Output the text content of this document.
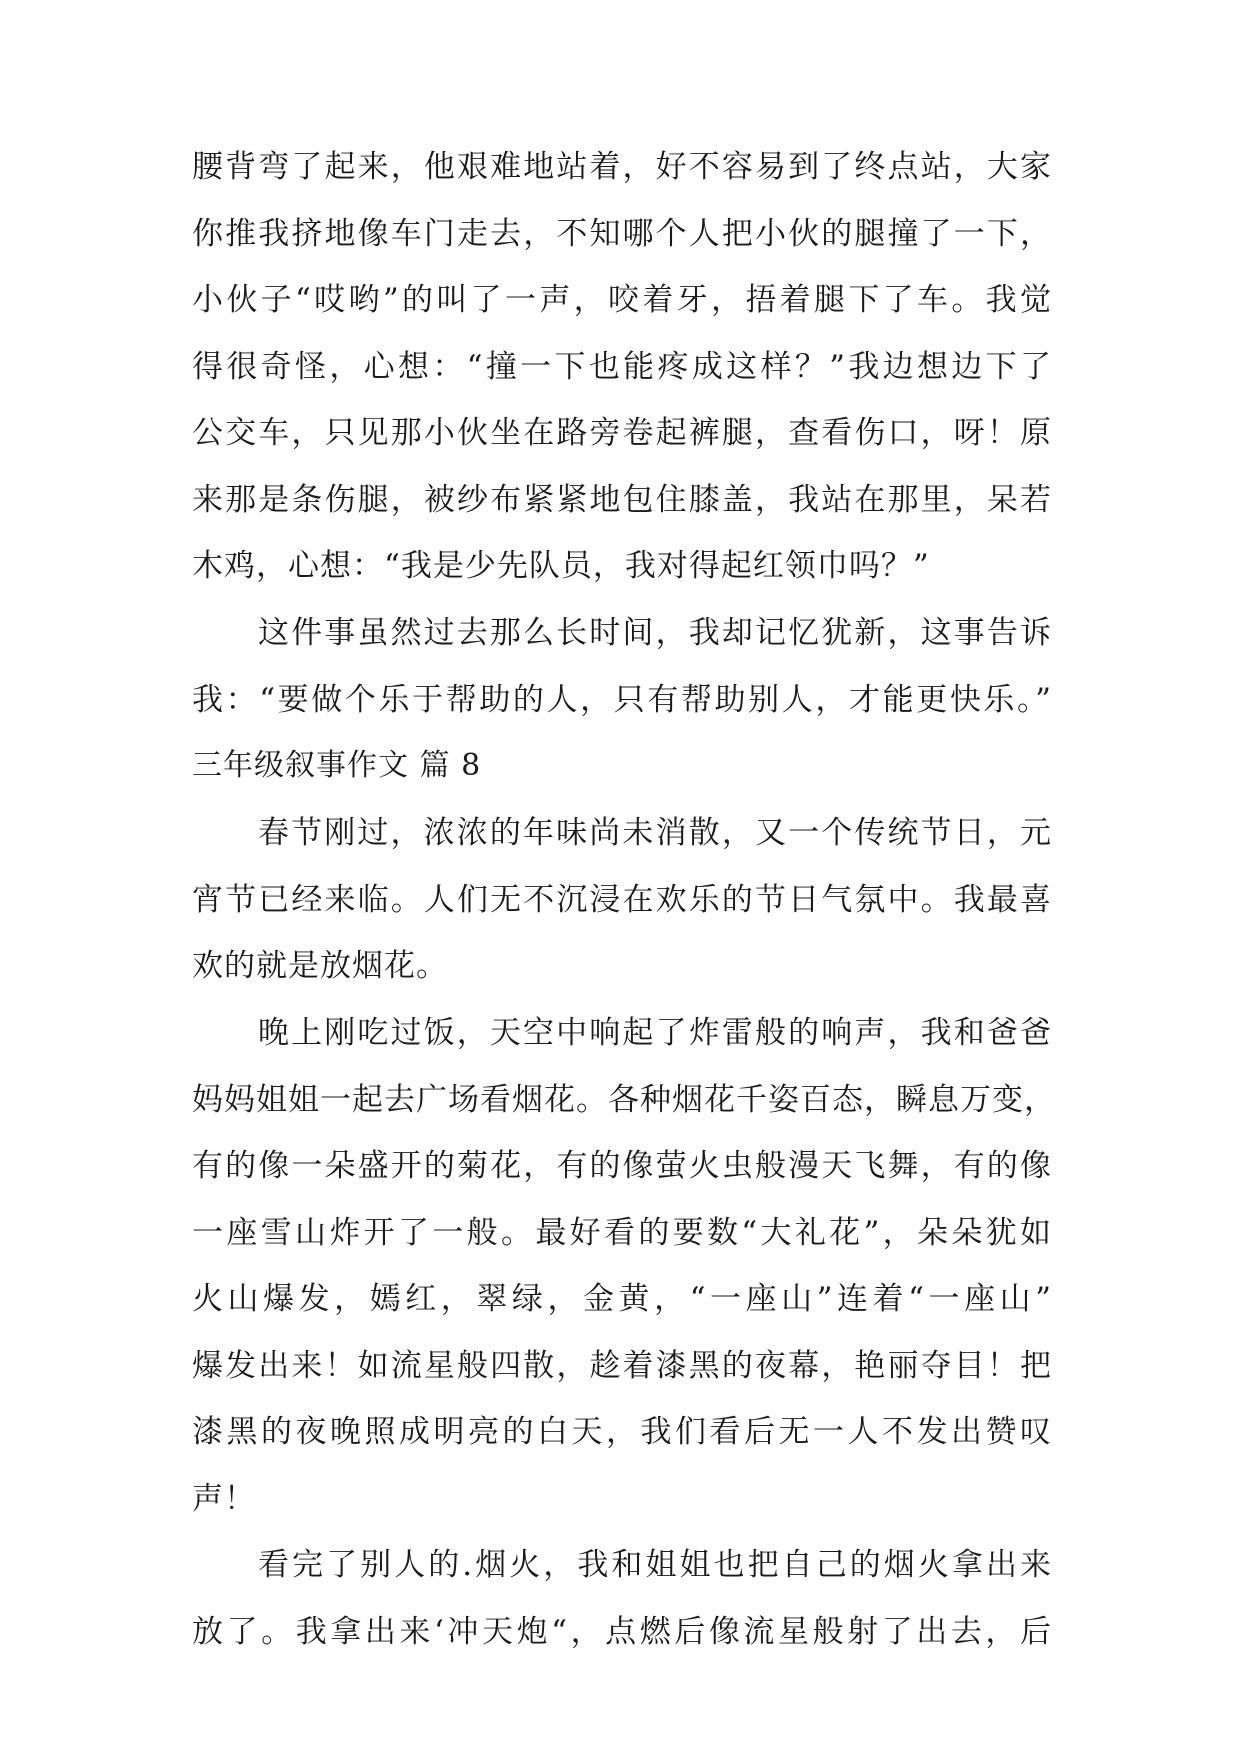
腰背弯了起来，他艰难地站着，好不容易到了终点站，大家
你推我挤地像车门走去，不知哪个人把小伙的腿撞了一下，
小伙子“哎哟”的叫了一声，咬着牙，捂着腿下了车。我觉
得很奇怪，心想：“撞一下也能疼成这样？”我边想边下了
公交车，只见那小伙坐在路旁卷起裤腿，查看伤口，呀！原
来那是条伤腿，被纱布紧紧地包住膝盖，我站在那里，呆若
木鸡，心想：“我是少先队员，我对得起红领巾吗？”
这件事虽然过去那么长时间，我却记忆犹新，这事告诉
我：“要做个乐于帮助的人，只有帮助别人，才能更快乐。”
三年级叙事作文 篇 8
春节刚过，浓浓的年味尚未消散，又一个传统节日，元
宵节已经来临。人们无不沉浸在欢乐的节日气氛中。我最喜
欢的就是放烟花。
晚上刚吃过饭，天空中响起了炸雷般的响声，我和爸爸
妈妈姐姐一起去广场看烟花。各种烟花千姿百态，瞬息万变，
有的像一朵盛开的菊花，有的像萤火虫般漫天飞舞，有的像
一座雪山炸开了一般。最好看的要数“大礼花”，朵朵犹如
火山爆发，嫣红，翠绿，金黄，“一座山”连着“一座山”
爆发出来！如流星般四散，趁着漆黑的夜幕，艳丽夺目！把
漆黑的夜晚照成明亮的白天，我们看后无一人不发出赞叹
声！
看完了别人的.烟火，我和姐姐也把自己的烟火拿出来
放了。我拿出来‘冲天炮“，点燃后像流星般射了出去，后
